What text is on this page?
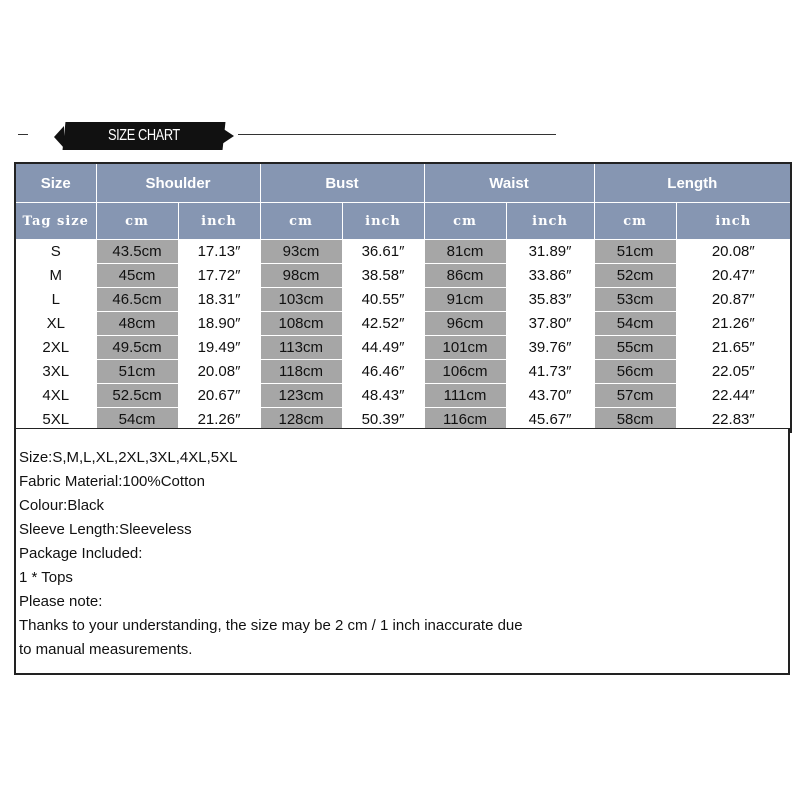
SIZE CHART
Size	Shoulder		Bust		Waist		Length	
Tag size	cm	inch	cm	inch	cm	inch	cm	inch
S	43.5cm	17.13″	93cm	36.61″	81cm	31.89″	51cm	20.08″
M	45cm	17.72″	98cm	38.58″	86cm	33.86″	52cm	20.47″
L	46.5cm	18.31″	103cm	40.55″	91cm	35.83″	53cm	20.87″
XL	48cm	18.90″	108cm	42.52″	96cm	37.80″	54cm	21.26″
2XL	49.5cm	19.49″	113cm	44.49″	101cm	39.76″	55cm	21.65″
3XL	51cm	20.08″	118cm	46.46″	106cm	41.73″	56cm	22.05″
4XL	52.5cm	20.67″	123cm	48.43″	111cm	43.70″	57cm	22.44″
5XL	54cm	21.26″	128cm	50.39″	116cm	45.67″	58cm	22.83″
Size:S,M,L,XL,2XL,3XL,4XL,5XL
Fabric Material:100%Cotton
Colour:Black
Sleeve Length:Sleeveless
Package Included:
1 * Tops
Please note:
Thanks to your understanding, the size may be 2 cm / 1 inch inaccurate due
to manual measurements.
